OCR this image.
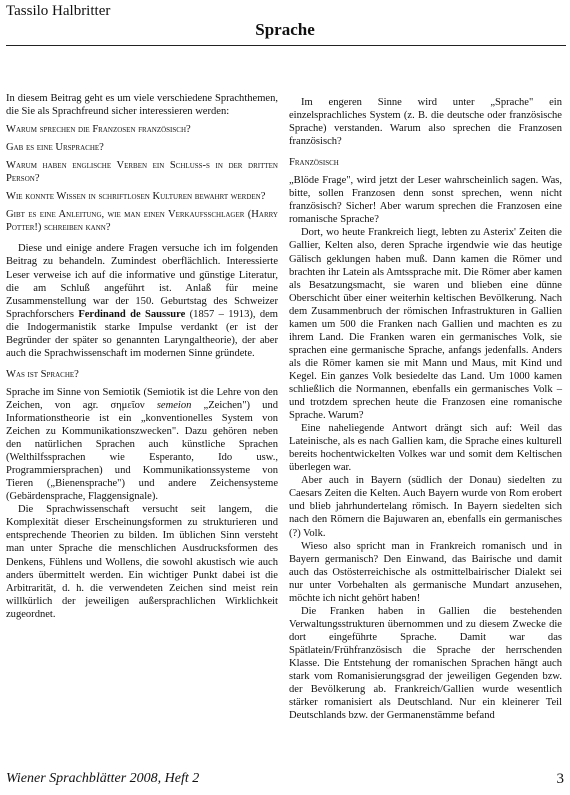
Tassilo Halbritter
Sprache

In diesem Beitrag geht es um viele verschiedene Sprachthemen, die Sie als Sprachfreund sicher interessieren werden:

Warum sprechen die Franzosen französisch?

Gab es eine Ursprache?

Warum haben englische Verben ein Schluss-s in der dritten Person?

Wie konnte Wissen in schriftlosen Kulturen bewahrt werden?

Gibt es eine Anleitung, wie man einen Verkaufsschlager (Harry Potter!) schreiben kann?

Diese und einige andere Fragen versuche ich im folgenden Beitrag zu behandeln. Zumindest oberflächlich. Interessierte Leser verweise ich auf die informative und günstige Literatur, die am Schluß angeführt ist. Anlaß für meine Zusammenstellung war der 150. Geburtstag des Schweizer Sprachforschers Ferdinand de Saussure (1857 – 1913), dem die Indogermanistik starke Impulse verdankt (er ist der Begründer der später so genannten Laryngaltheorie), der aber auch die Sprachwissenschaft im modernen Sinne gründete.

Was ist Sprache?

Sprache im Sinne von Semiotik (Semiotik ist die Lehre von den Zeichen, von agr. σημεῖον semeion „Zeichen") und Informationstheorie ist ein „konventionelles System von Zeichen zu Kommunikationszwecken". Dazu gehören neben den natürlichen Sprachen auch künstliche Sprachen (Welthilfssprachen wie Esperanto, Ido usw., Programmiersprachen) und Kommunikationssysteme von Tieren („Bienensprache") und andere Zeichensysteme (Gebärdensprache, Flaggensignale).

Die Sprachwissenschaft versucht seit langem, die Komplexität dieser Erscheinungsformen zu strukturieren und entsprechende Theorien zu bilden. Im üblichen Sinn versteht man unter Sprache die menschlichen Ausdrucksformen des Denkens, Fühlens und Wollens, die sowohl akustisch wie auch anders übermittelt werden. Ein wichtiger Punkt dabei ist die Arbitrarität, d. h. die verwendeten Zeichen sind meist rein willkürlich der jeweiligen außersprachlichen Wirklichkeit zugeordnet.

Im engeren Sinne wird unter „Sprache" ein einzelsprachliches System (z. B. die deutsche oder französische Sprache) verstanden. Warum also sprechen die Franzosen französisch?

Französisch

„Blöde Frage", wird jetzt der Leser wahrscheinlich sagen. Was, bitte, sollen Franzosen denn sonst sprechen, wenn nicht französisch? Sicher! Aber warum sprechen die Franzosen eine romanische Sprache?

Dort, wo heute Frankreich liegt, lebten zu Asterix' Zeiten die Gallier, Kelten also, deren Sprache irgendwie wie das heutige Gälisch geklungen haben muß. Dann kamen die Römer und brachten ihr Latein als Amtssprache mit. Die Römer aber kamen als Besatzungsmacht, sie waren und blieben eine dünne Oberschicht über einer weiterhin keltischen Bevölkerung. Nach dem Zusammenbruch der römischen Infrastrukturen in Gallien kamen um 500 die Franken nach Gallien und machten es zu ihrem Land. Die Franken waren ein germanisches Volk, sie sprachen eine germanische Sprache, anfangs jedenfalls. Anders als die Römer kamen sie mit Mann und Maus, mit Kind und Kegel. Ein ganzes Volk besiedelte das Land. Um 1000 kamen schließlich die Normannen, ebenfalls ein germanisches Volk – und trotzdem sprechen heute die Franzosen eine romanische Sprache. Warum?

Eine naheliegende Antwort drängt sich auf: Weil das Lateinische, als es nach Gallien kam, die Sprache eines kulturell bereits hochentwickelten Volkes war und somit dem Keltischen überlegen war.

Aber auch in Bayern (südlich der Donau) siedelten zu Caesars Zeiten die Kelten. Auch Bayern wurde von Rom erobert und blieb jahrhundertelang römisch. In Bayern siedelten sich nach den Römern die Bajuwaren an, ebenfalls ein germanisches (?) Volk.

Wieso also spricht man in Frankreich romanisch und in Bayern germanisch? Den Einwand, das Bairische und damit auch das Ostösterreichische als ostmittelbairischer Dialekt sei nur unter Vorbehalten als germanische Mundart anzusehen, möchte ich nicht gehört haben!

Die Franken haben in Gallien die bestehenden Verwaltungsstrukturen übernommen und zu diesem Zwecke die dort eingeführte Sprache. Damit war das Spätlatein/Frühfranzösisch die Sprache der herrschenden Klasse. Die Entstehung der romanischen Sprachen hängt auch stark vom Romanisierungsgrad der jeweiligen Gegenden bzw. der Bevölkerung ab. Frankreich/Gallien wurde wesentlich stärker romanisiert als Deutschland. Nur ein kleinerer Teil Deutschlands bzw. der Germanenstämme befand

Wiener Sprachblätter 2008, Heft 2	3
